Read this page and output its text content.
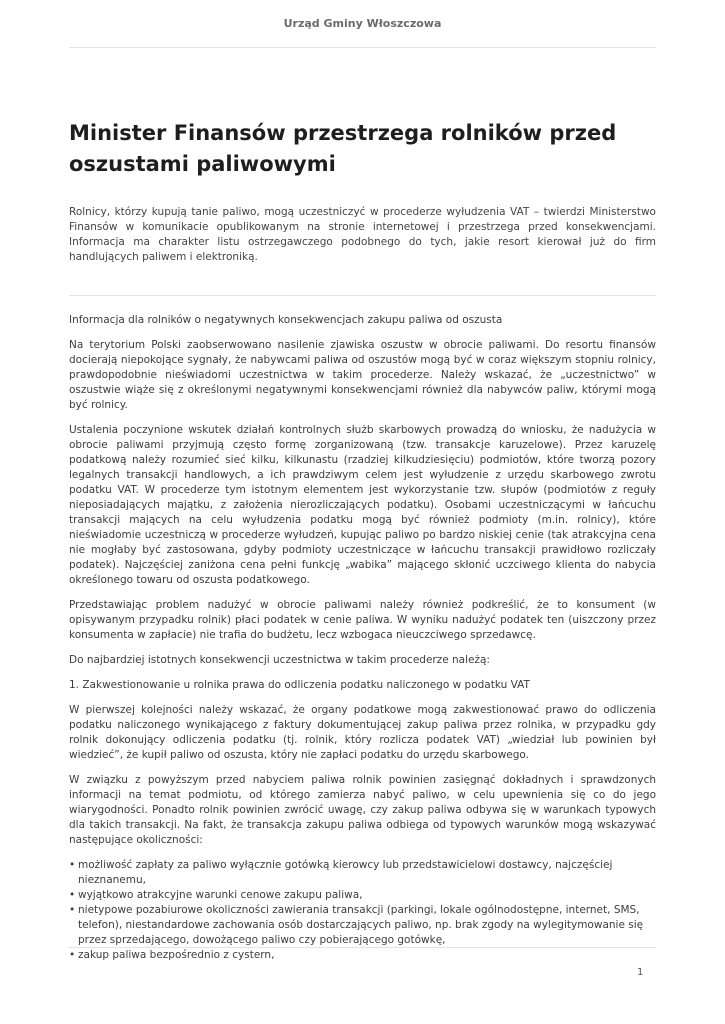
Urząd Gminy Włoszczowa
Minister Finansów przestrzega rolników przed oszustami paliwowymi

Rolnicy, którzy kupują tanie paliwo, mogą uczestniczyć w procederze wyłudzenia VAT – twierdzi Ministerstwo Finansów w komunikacie opublikowanym na stronie internetowej i przestrzega przed konsekwencjami. Informacja ma charakter listu ostrzegawczego podobnego do tych, jakie resort kierował już do firm handlujących paliwem i elektroniką.

Informacja dla rolników o negatywnych konsekwencjach zakupu paliwa od oszusta

Na terytorium Polski zaobserwowano nasilenie zjawiska oszustw w obrocie paliwami. Do resortu finansów docierają niepokojące sygnały, że nabywcami paliwa od oszustów mogą być w coraz większym stopniu rolnicy, prawdopodobnie nieświadomi uczestnictwa w takim procederze. Należy wskazać, że „uczestnictwo” w oszustwie wiąże się z określonymi negatywnymi konsekwencjami również dla nabywców paliw, którymi mogą być rolnicy.

Ustalenia poczynione wskutek działań kontrolnych służb skarbowych prowadzą do wniosku, że nadużycia w obrocie paliwami przyjmują często formę zorganizowaną (tzw. transakcje karuzelowe). Przez karuzelę podatkową należy rozumieć sieć kilku, kilkunastu (rzadziej kilkudziesięciu) podmiotów, które tworzą pozory legalnych transakcji handlowych, a ich prawdziwym celem jest wyłudzenie z urzędu skarbowego zwrotu podatku VAT. W procederze tym istotnym elementem jest wykorzystanie tzw. słupów (podmiotów z reguły nieposiadających majątku, z założenia nierozliczających podatku). Osobami uczestniczącymi w łańcuchu transakcji mających na celu wyłudzenia podatku mogą być również podmioty (m.in. rolnicy), które nieświadomie uczestniczą w procederze wyłudzeń, kupując paliwo po bardzo niskiej cenie (tak atrakcyjna cena nie mogłaby być zastosowana, gdyby podmioty uczestniczące w łańcuchu transakcji prawidłowo rozliczały podatek). Najczęściej zaniżona cena pełni funkcję „wabika” mającego skłonić uczciwego klienta do nabycia określonego towaru od oszusta podatkowego.

Przedstawiając problem nadużyć w obrocie paliwami należy również podkreślić, że to konsument (w opisywanym przypadku rolnik) płaci podatek w cenie paliwa. W wyniku nadużyć podatek ten (uiszczony przez konsumenta w zapłacie) nie trafia do budżetu, lecz wzbogaca nieuczciwego sprzedawcę.

Do najbardziej istotnych konsekwencji uczestnictwa w takim procederze należą:

1. Zakwestionowanie u rolnika prawa do odliczenia podatku naliczonego w podatku VAT

W pierwszej kolejności należy wskazać, że organy podatkowe mogą zakwestionować prawo do odliczenia podatku naliczonego wynikającego z faktury dokumentującej zakup paliwa przez rolnika, w przypadku gdy rolnik dokonujący odliczenia podatku (tj. rolnik, który rozlicza podatek VAT) „wiedział lub powinien był wiedzieć”, że kupił paliwo od oszusta, który nie zapłaci podatku do urzędu skarbowego.

W związku z powyższym przed nabyciem paliwa rolnik powinien zasięgnąć dokładnych i sprawdzonych informacji na temat podmiotu, od którego zamierza nabyć paliwo, w celu upewnienia się co do jego wiarygodności. Ponadto rolnik powinien zwrócić uwagę, czy zakup paliwa odbywa się w warunkach typowych dla takich transakcji. Na fakt, że transakcja zakupu paliwa odbiega od typowych warunków mogą wskazywać następujące okoliczności:

• możliwość zapłaty za paliwo wyłącznie gotówką kierowcy lub przedstawicielowi dostawcy, najczęściej nieznanemu,
• wyjątkowo atrakcyjne warunki cenowe zakupu paliwa,
• nietypowe pozabiurowe okoliczności zawierania transakcji (parkingi, lokale ogólnodostępne, internet, SMS, telefon), niestandardowe zachowania osób dostarczających paliwo, np. brak zgody na wylegitymowanie się przez sprzedającego, dowożącego paliwo czy pobierającego gotówkę,
• zakup paliwa bezpośrednio z cystern,
1
